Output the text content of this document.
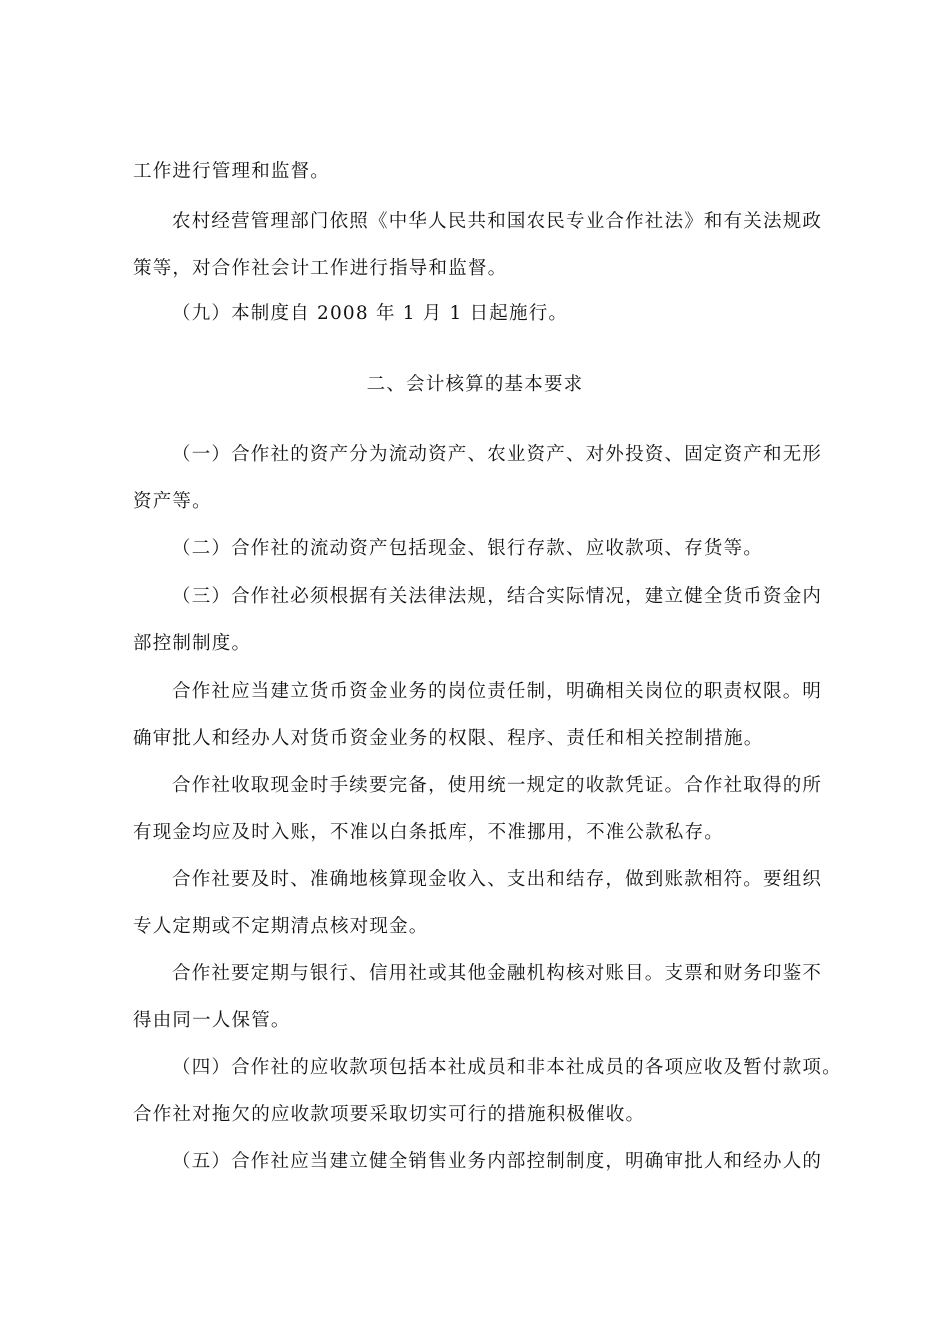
工作进行管理和监督。
农村经营管理部门依照《中华人民共和国农民专业合作社法》和有关法规政
策等，对合作社会计工作进行指导和监督。
（九）本制度自 2008 年 1 月 1 日起施行。
二、会计核算的基本要求
（一）合作社的资产分为流动资产、农业资产、对外投资、固定资产和无形
资产等。
（二）合作社的流动资产包括现金、银行存款、应收款项、存货等。
（三）合作社必须根据有关法律法规，结合实际情况，建立健全货币资金内
部控制制度。
合作社应当建立货币资金业务的岗位责任制，明确相关岗位的职责权限。明
确审批人和经办人对货币资金业务的权限、程序、责任和相关控制措施。
合作社收取现金时手续要完备，使用统一规定的收款凭证。合作社取得的所
有现金均应及时入账，不准以白条抵库，不准挪用，不准公款私存。
合作社要及时、准确地核算现金收入、支出和结存，做到账款相符。要组织
专人定期或不定期清点核对现金。
合作社要定期与银行、信用社或其他金融机构核对账目。支票和财务印鉴不
得由同一人保管。
（四）合作社的应收款项包括本社成员和非本社成员的各项应收及暂付款项。
合作社对拖欠的应收款项要采取切实可行的措施积极催收。
（五）合作社应当建立健全销售业务内部控制制度，明确审批人和经办人的
